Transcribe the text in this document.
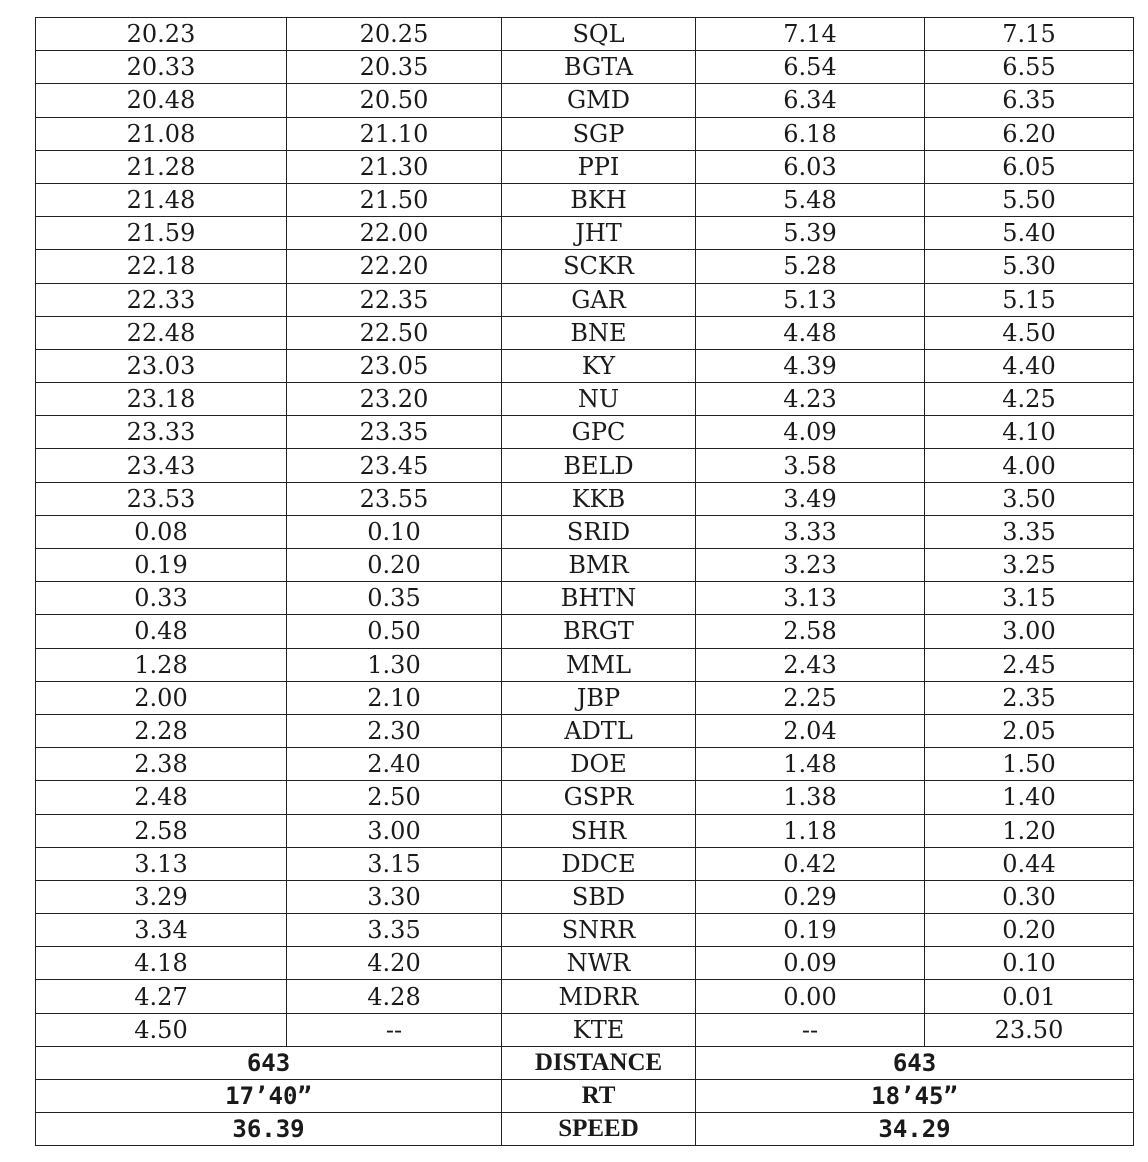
20.23	20.25	SQL	7.14	7.15
20.33	20.35	BGTA	6.54	6.55
20.48	20.50	GMD	6.34	6.35
21.08	21.10	SGP	6.18	6.20
21.28	21.30	PPI	6.03	6.05
21.48	21.50	BKH	5.48	5.50
21.59	22.00	JHT	5.39	5.40
22.18	22.20	SCKR	5.28	5.30
22.33	22.35	GAR	5.13	5.15
22.48	22.50	BNE	4.48	4.50
23.03	23.05	KY	4.39	4.40
23.18	23.20	NU	4.23	4.25
23.33	23.35	GPC	4.09	4.10
23.43	23.45	BELD	3.58	4.00
23.53	23.55	KKB	3.49	3.50
0.08	0.10	SRID	3.33	3.35
0.19	0.20	BMR	3.23	3.25
0.33	0.35	BHTN	3.13	3.15
0.48	0.50	BRGT	2.58	3.00
1.28	1.30	MML	2.43	2.45
2.00	2.10	JBP	2.25	2.35
2.28	2.30	ADTL	2.04	2.05
2.38	2.40	DOE	1.48	1.50
2.48	2.50	GSPR	1.38	1.40
2.58	3.00	SHR	1.18	1.20
3.13	3.15	DDCE	0.42	0.44
3.29	3.30	SBD	0.29	0.30
3.34	3.35	SNRR	0.19	0.20
4.18	4.20	NWR	0.09	0.10
4.27	4.28	MDRR	0.00	0.01
4.50	--	KTE	--	23.50
643		DISTANCE	643	
17’40”		RT	18’45”	
36.39		SPEED	34.29	
